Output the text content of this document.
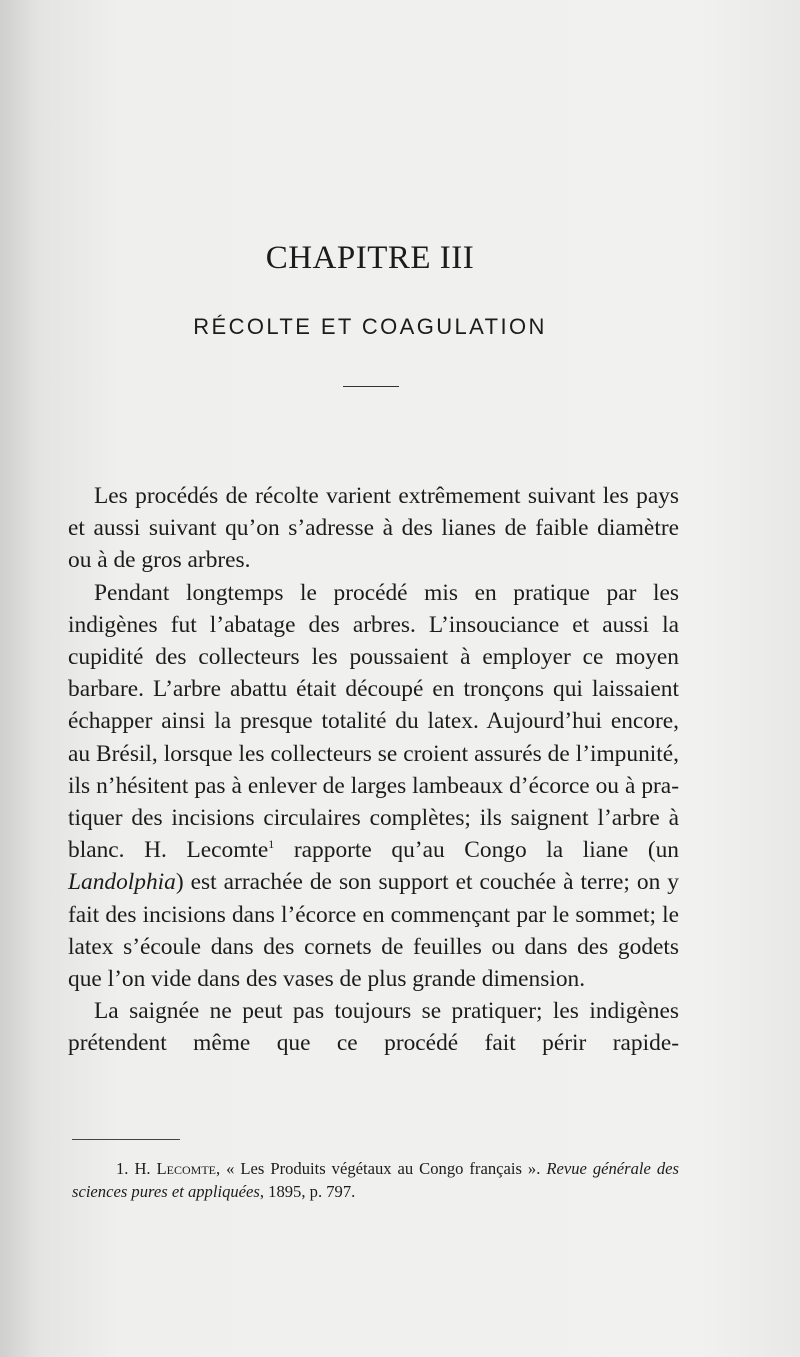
CHAPITRE III
RÉCOLTE ET COAGULATION

Les procédés de récolte varient extrêmement suivant les pays et aussi suivant qu’on s’adresse à des lianes de faible diamètre ou à de gros arbres.

Pendant longtemps le procédé mis en pratique par les indigènes fut l’abatage des arbres. L’insouciance et aussi la cupidité des collecteurs les poussaient à employer ce moyen barbare. L’arbre abattu était découpé en tronçons qui laissaient échapper ainsi la presque totalité du latex. Aujourd’hui encore, au Brésil, lorsque les collecteurs se croient assurés de l’impunité, ils n’hésitent pas à enlever de larges lambeaux d’écorce ou à pratiquer des incisions circulaires complètes; ils saignent l’arbre à blanc. H. Lecomte$^1$ rapporte qu’au Congo la liane (un Landolphia) est arrachée de son support et couchée à terre; on y fait des incisions dans l’écorce en commençant par le sommet; le latex s’écoule dans des cornets de feuilles ou dans des godets que l’on vide dans des vases de plus grande dimension.

La saignée ne peut pas toujours se pratiquer; les indigènes prétendent même que ce procédé fait périr rapide-

1. H. Lecomte, « Les Produits végétaux au Congo français ». Revue générale des sciences pures et appliquées, 1895, p. 797.
